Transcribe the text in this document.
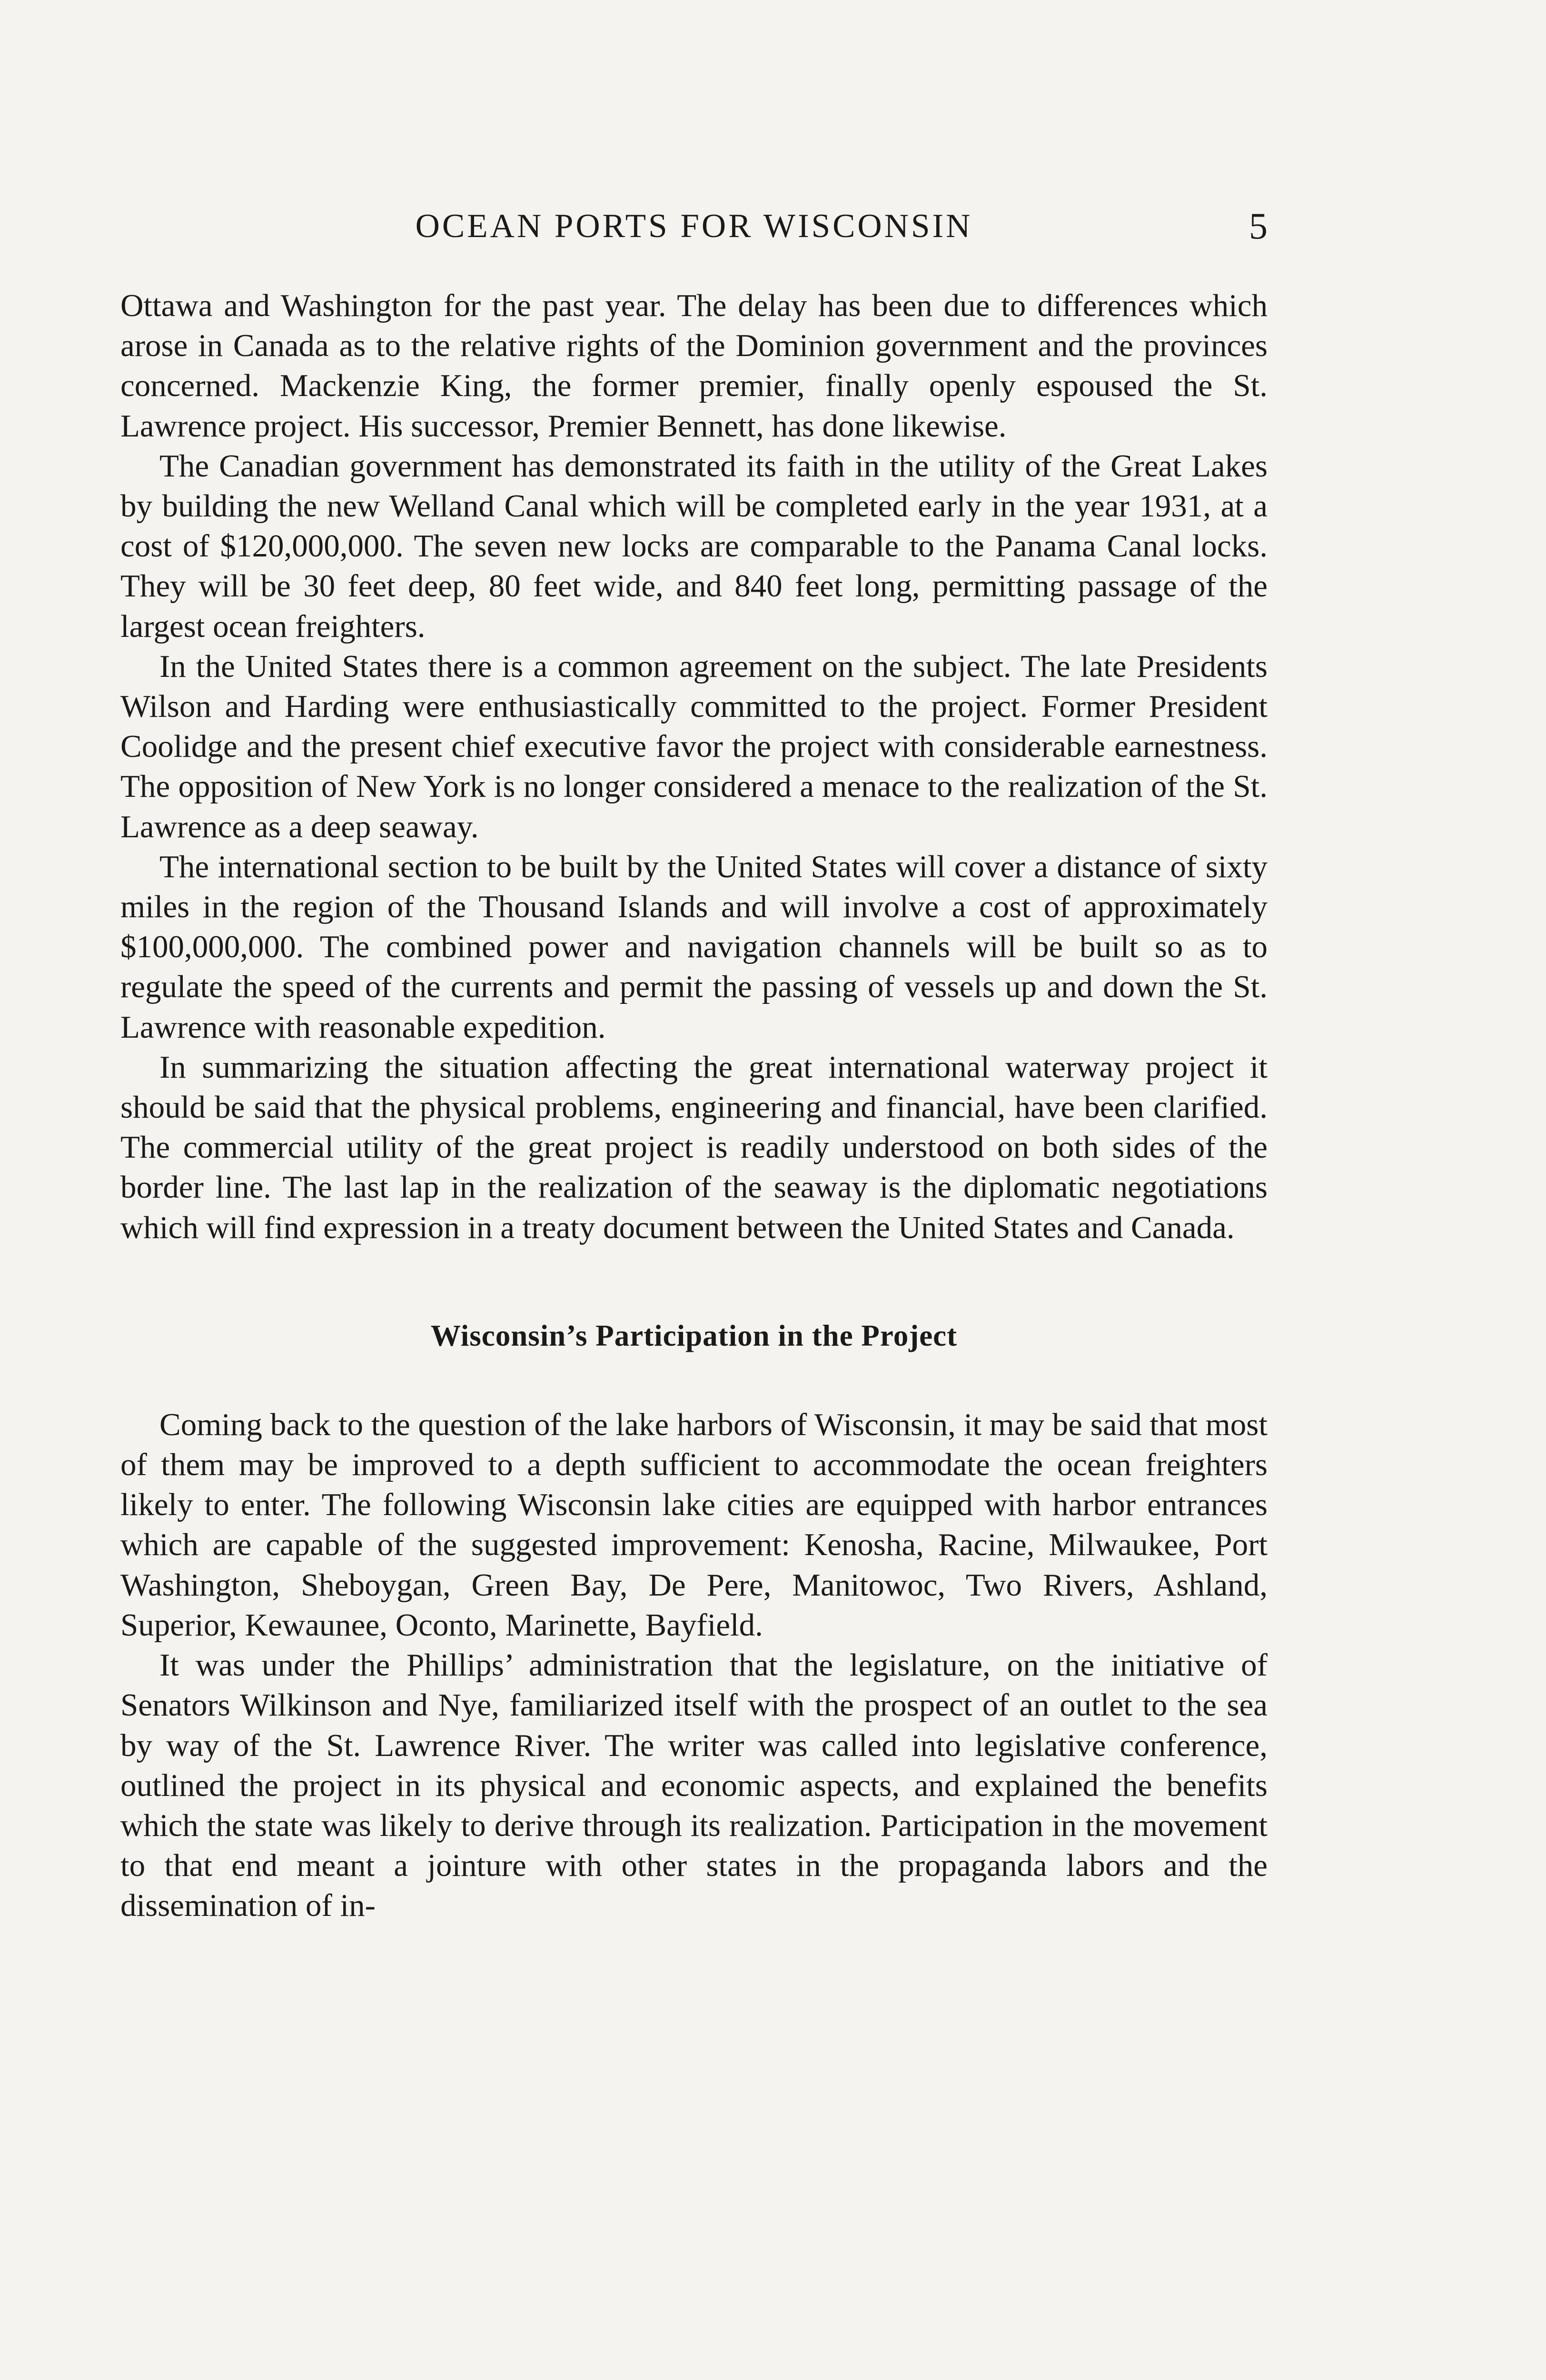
OCEAN PORTS FOR WISCONSIN	5

Ottawa and Washington for the past year. The delay has been due to differences which arose in Canada as to the relative rights of the Dominion government and the provinces concerned. Mackenzie King, the former premier, finally openly espoused the St. Lawrence project. His successor, Premier Bennett, has done likewise.

The Canadian government has demonstrated its faith in the utility of the Great Lakes by building the new Welland Canal which will be completed early in the year 1931, at a cost of $120,000,000. The seven new locks are comparable to the Panama Canal locks. They will be 30 feet deep, 80 feet wide, and 840 feet long, permitting passage of the largest ocean freighters.

In the United States there is a common agreement on the subject. The late Presidents Wilson and Harding were enthusiastically committed to the project. Former President Coolidge and the present chief executive favor the project with considerable earnestness. The opposition of New York is no longer considered a menace to the realization of the St. Lawrence as a deep seaway.

The international section to be built by the United States will cover a distance of sixty miles in the region of the Thousand Islands and will involve a cost of approximately $100,000,000. The combined power and navigation channels will be built so as to regulate the speed of the currents and permit the passing of vessels up and down the St. Lawrence with reasonable expedition.

In summarizing the situation affecting the great international waterway project it should be said that the physical problems, engineering and financial, have been clarified. The commercial utility of the great project is readily understood on both sides of the border line. The last lap in the realization of the seaway is the diplomatic negotiations which will find expression in a treaty document between the United States and Canada.

Wisconsin’s Participation in the Project

Coming back to the question of the lake harbors of Wisconsin, it may be said that most of them may be improved to a depth sufficient to accommodate the ocean freighters likely to enter. The following Wisconsin lake cities are equipped with harbor entrances which are capable of the suggested improvement: Kenosha, Racine, Milwaukee, Port Washington, Sheboygan, Green Bay, De Pere, Manitowoc, Two Rivers, Ashland, Superior, Kewaunee, Oconto, Marinette, Bayfield.

It was under the Phillips’ administration that the legislature, on the initiative of Senators Wilkinson and Nye, familiarized itself with the prospect of an outlet to the sea by way of the St. Lawrence River. The writer was called into legislative conference, outlined the project in its physical and economic aspects, and explained the benefits which the state was likely to derive through its realization. Participation in the movement to that end meant a jointure with other states in the propaganda labors and the dissemination of in-
